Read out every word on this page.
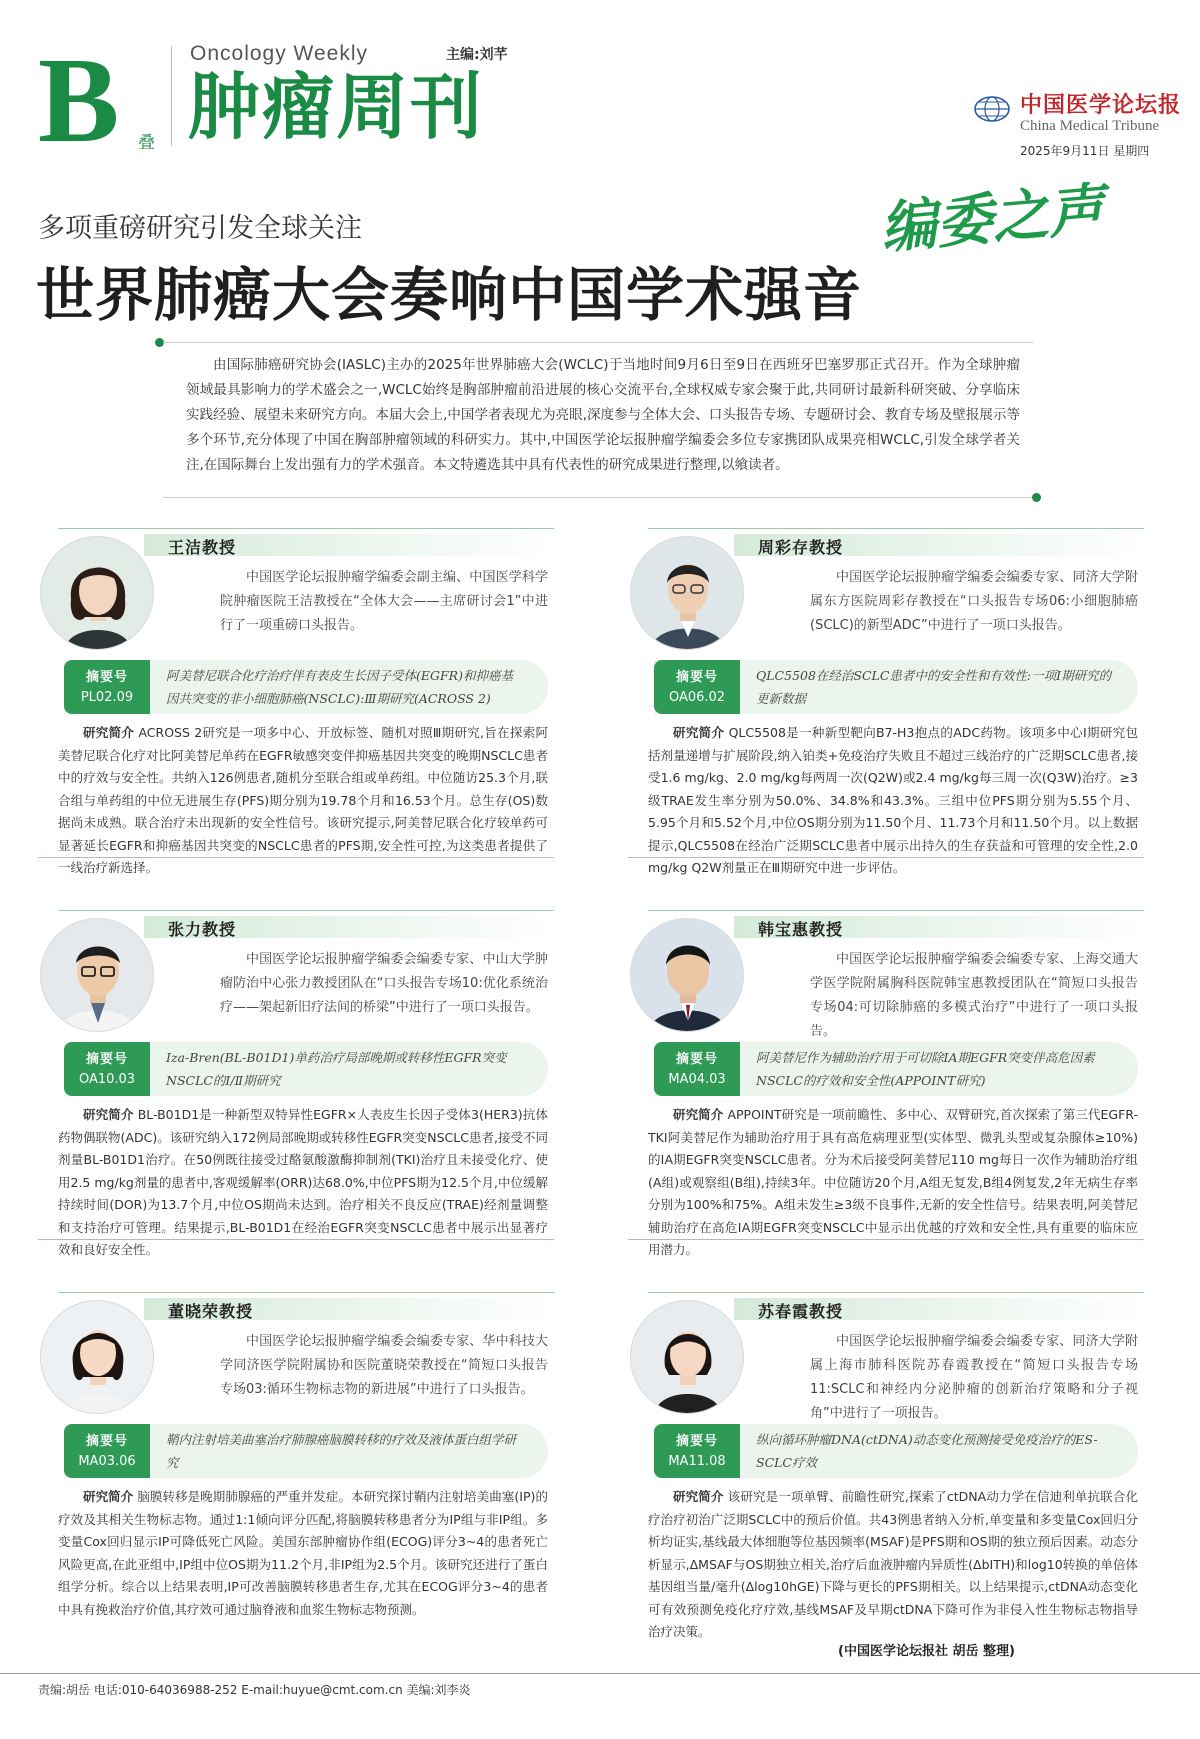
B 叠
Oncology Weekly
肿瘤周刊
主编:刘芊
中国医学论坛报
China Medical Tribune
2025年9月11日 星期四
多项重磅研究引发全球关注
世界肺癌大会奏响中国学术强音
编委之声
由国际肺癌研究协会(IASLC)主办的2025年世界肺癌大会(WCLC)于当地时间9月6日至9日在西班牙巴塞罗那正式召开。作为全球肿瘤领域最具影响力的学术盛会之一,WCLC始终是胸部肿瘤前沿进展的核心交流平台,全球权威专家会聚于此,共同研讨最新科研突破、分享临床实践经验、展望未来研究方向。本届大会上,中国学者表现尤为亮眼,深度参与全体大会、口头报告专场、专题研讨会、教育专场及壁报展示等多个环节,充分体现了中国在胸部肿瘤领域的科研实力。其中,中国医学论坛报肿瘤学编委会多位专家携团队成果亮相WCLC,引发全球学者关注,在国际舞台上发出强有力的学术强音。本文特遴选其中具有代表性的研究成果进行整理,以飨读者。
王洁教授
中国医学论坛报肿瘤学编委会副主编、中国医学科学院肿瘤医院王洁教授在“全体大会——主席研讨会1”中进行了一项重磅口头报告。
摘要号
PL02.09
阿美替尼联合化疗治疗伴有表皮生长因子受体(EGFR)和抑癌基因共突变的非小细胞肺癌(NSCLC):Ⅲ期研究(ACROSS 2)
研究简介 ACROSS 2研究是一项多中心、开放标签、随机对照Ⅲ期研究,旨在探索阿美替尼联合化疗对比阿美替尼单药在EGFR敏感突变伴抑癌基因共突变的晚期NSCLC患者中的疗效与安全性。共纳入126例患者,随机分至联合组或单药组。中位随访25.3个月,联合组与单药组的中位无进展生存(PFS)期分别为19.78个月和16.53个月。总生存(OS)数据尚未成熟。联合治疗未出现新的安全性信号。该研究提示,阿美替尼联合化疗较单药可显著延长EGFR和抑癌基因共突变的NSCLC患者的PFS期,安全性可控,为这类患者提供了一线治疗新选择。
周彩存教授
中国医学论坛报肿瘤学编委会编委专家、同济大学附属东方医院周彩存教授在“口头报告专场06:小细胞肺癌(SCLC)的新型ADC”中进行了一项口头报告。
摘要号
OA06.02
QLC5508在经治SCLC患者中的安全性和有效性:一项Ⅰ期研究的更新数据
研究简介 QLC5508是一种新型靶向B7-H3抱点的ADC药物。该项多中心Ⅰ期研究包括剂量递增与扩展阶段,纳入铂类+免疫治疗失败且不超过三线治疗的广泛期SCLC患者,接受1.6 mg/kg、2.0 mg/kg每两周一次(Q2W)或2.4 mg/kg每三周一次(Q3W)治疗。≥3级TRAE发生率分别为50.0%、34.8%和43.3%。三组中位PFS期分别为5.55个月、5.95个月和5.52个月,中位OS期分别为11.50个月、11.73个月和11.50个月。以上数据提示,QLC5508在经治广泛期SCLC患者中展示出持久的生存获益和可管理的安全性,2.0 mg/kg Q2W剂量正在Ⅲ期研究中进一步评估。
张力教授
中国医学论坛报肿瘤学编委会编委专家、中山大学肿瘤防治中心张力教授团队在“口头报告专场10:优化系统治疗——架起新旧疗法间的桥梁”中进行了一项口头报告。
摘要号
OA10.03
Iza-Bren(BL-B01D1)单药治疗局部晚期或转移性EGFR突变NSCLC的Ⅰ/Ⅱ期研究
研究简介 BL-B01D1是一种新型双特异性EGFR×人表皮生长因子受体3(HER3)抗体药物偶联物(ADC)。该研究纳入172例局部晚期或转移性EGFR突变NSCLC患者,接受不同剂量BL-B01D1治疗。在50例既往接受过酪氨酸激酶抑制剂(TKI)治疗且未接受化疗、使用2.5 mg/kg剂量的患者中,客观缓解率(ORR)达68.0%,中位PFS期为12.5个月,中位缓解持续时间(DOR)为13.7个月,中位OS期尚未达到。治疗相关不良反应(TRAE)经剂量调整和支持治疗可管理。结果提示,BL-B01D1在经治EGFR突变NSCLC患者中展示出显著疗效和良好安全性。
韩宝惠教授
中国医学论坛报肿瘤学编委会编委专家、上海交通大学医学院附属胸科医院韩宝惠教授团队在“简短口头报告专场04:可切除肺癌的多模式治疗”中进行了一项口头报告。
摘要号
MA04.03
阿美替尼作为辅助治疗用于可切除ⅠA期EGFR突变伴高危因素NSCLC的疗效和安全性(APPOINT研究)
研究简介 APPOINT研究是一项前瞻性、多中心、双臂研究,首次探索了第三代EGFR-TKI阿美替尼作为辅助治疗用于具有高危病理亚型(实体型、微乳头型或复杂腺体≥10%)的ⅠA期EGFR突变NSCLC患者。分为术后接受阿美替尼110 mg每日一次作为辅助治疗组(A组)或观察组(B组),持续3年。中位随访20个月,A组无复发,B组4例复发,2年无病生存率分别为100%和75%。A组未发生≥3级不良事件,无新的安全性信号。结果表明,阿美替尼辅助治疗在高危ⅠA期EGFR突变NSCLC中显示出优越的疗效和安全性,具有重要的临床应用潜力。
董晓荣教授
中国医学论坛报肿瘤学编委会编委专家、华中科技大学同济医学院附属协和医院董晓荣教授在“简短口头报告专场03:循环生物标志物的新进展”中进行了口头报告。
摘要号
MA03.06
鞘内注射培美曲塞治疗肺腺癌脑膜转移的疗效及液体蛋白组学研究
研究简介 脑膜转移是晚期肺腺癌的严重并发症。本研究探讨鞘内注射培美曲塞(IP)的疗效及其相关生物标志物。通过1:1倾向评分匹配,将脑膜转移患者分为IP组与非IP组。多变量Cox回归显示IP可降低死亡风险。美国东部肿瘤协作组(ECOG)评分3~4的患者死亡风险更高,在此亚组中,IP组中位OS期为11.2个月,非IP组为2.5个月。该研究还进行了蛋白组学分析。综合以上结果表明,IP可改善脑膜转移患者生存,尤其在ECOG评分3~4的患者中具有挽救治疗价值,其疗效可通过脑脊液和血浆生物标志物预测。
苏春霞教授
中国医学论坛报肿瘤学编委会编委专家、同济大学附属上海市肺科医院苏春霞教授在“简短口头报告专场11:SCLC和神经内分泌肿瘤的创新治疗策略和分子视角”中进行了一项报告。
摘要号
MA11.08
纵向循环肿瘤DNA(ctDNA)动态变化预测接受免疫治疗的ES-SCLC疗效
研究简介 该研究是一项单臂、前瞻性研究,探索了ctDNA动力学在信迪利单抗联合化疗治疗初治广泛期SCLC中的预后价值。共43例患者纳入分析,单变量和多变量Cox回归分析均证实,基线最大体细胞等位基因频率(MSAF)是PFS期和OS期的独立预后因素。动态分析显示,ΔMSAF与OS期独立相关,治疗后血液肿瘤内异质性(ΔbITH)和log10转换的单倍体基因组当量/毫升(Δlog10hGE)下降与更长的PFS期相关。以上结果提示,ctDNA动态变化可有效预测免疫化疗疗效,基线MSAF及早期ctDNA下降可作为非侵入性生物标志物指导治疗决策。
(中国医学论坛报社 胡岳 整理)
责编:胡岳 电话:010-64036988-252 E-mail:huyue@cmt.com.cn 美编:刘李炎
